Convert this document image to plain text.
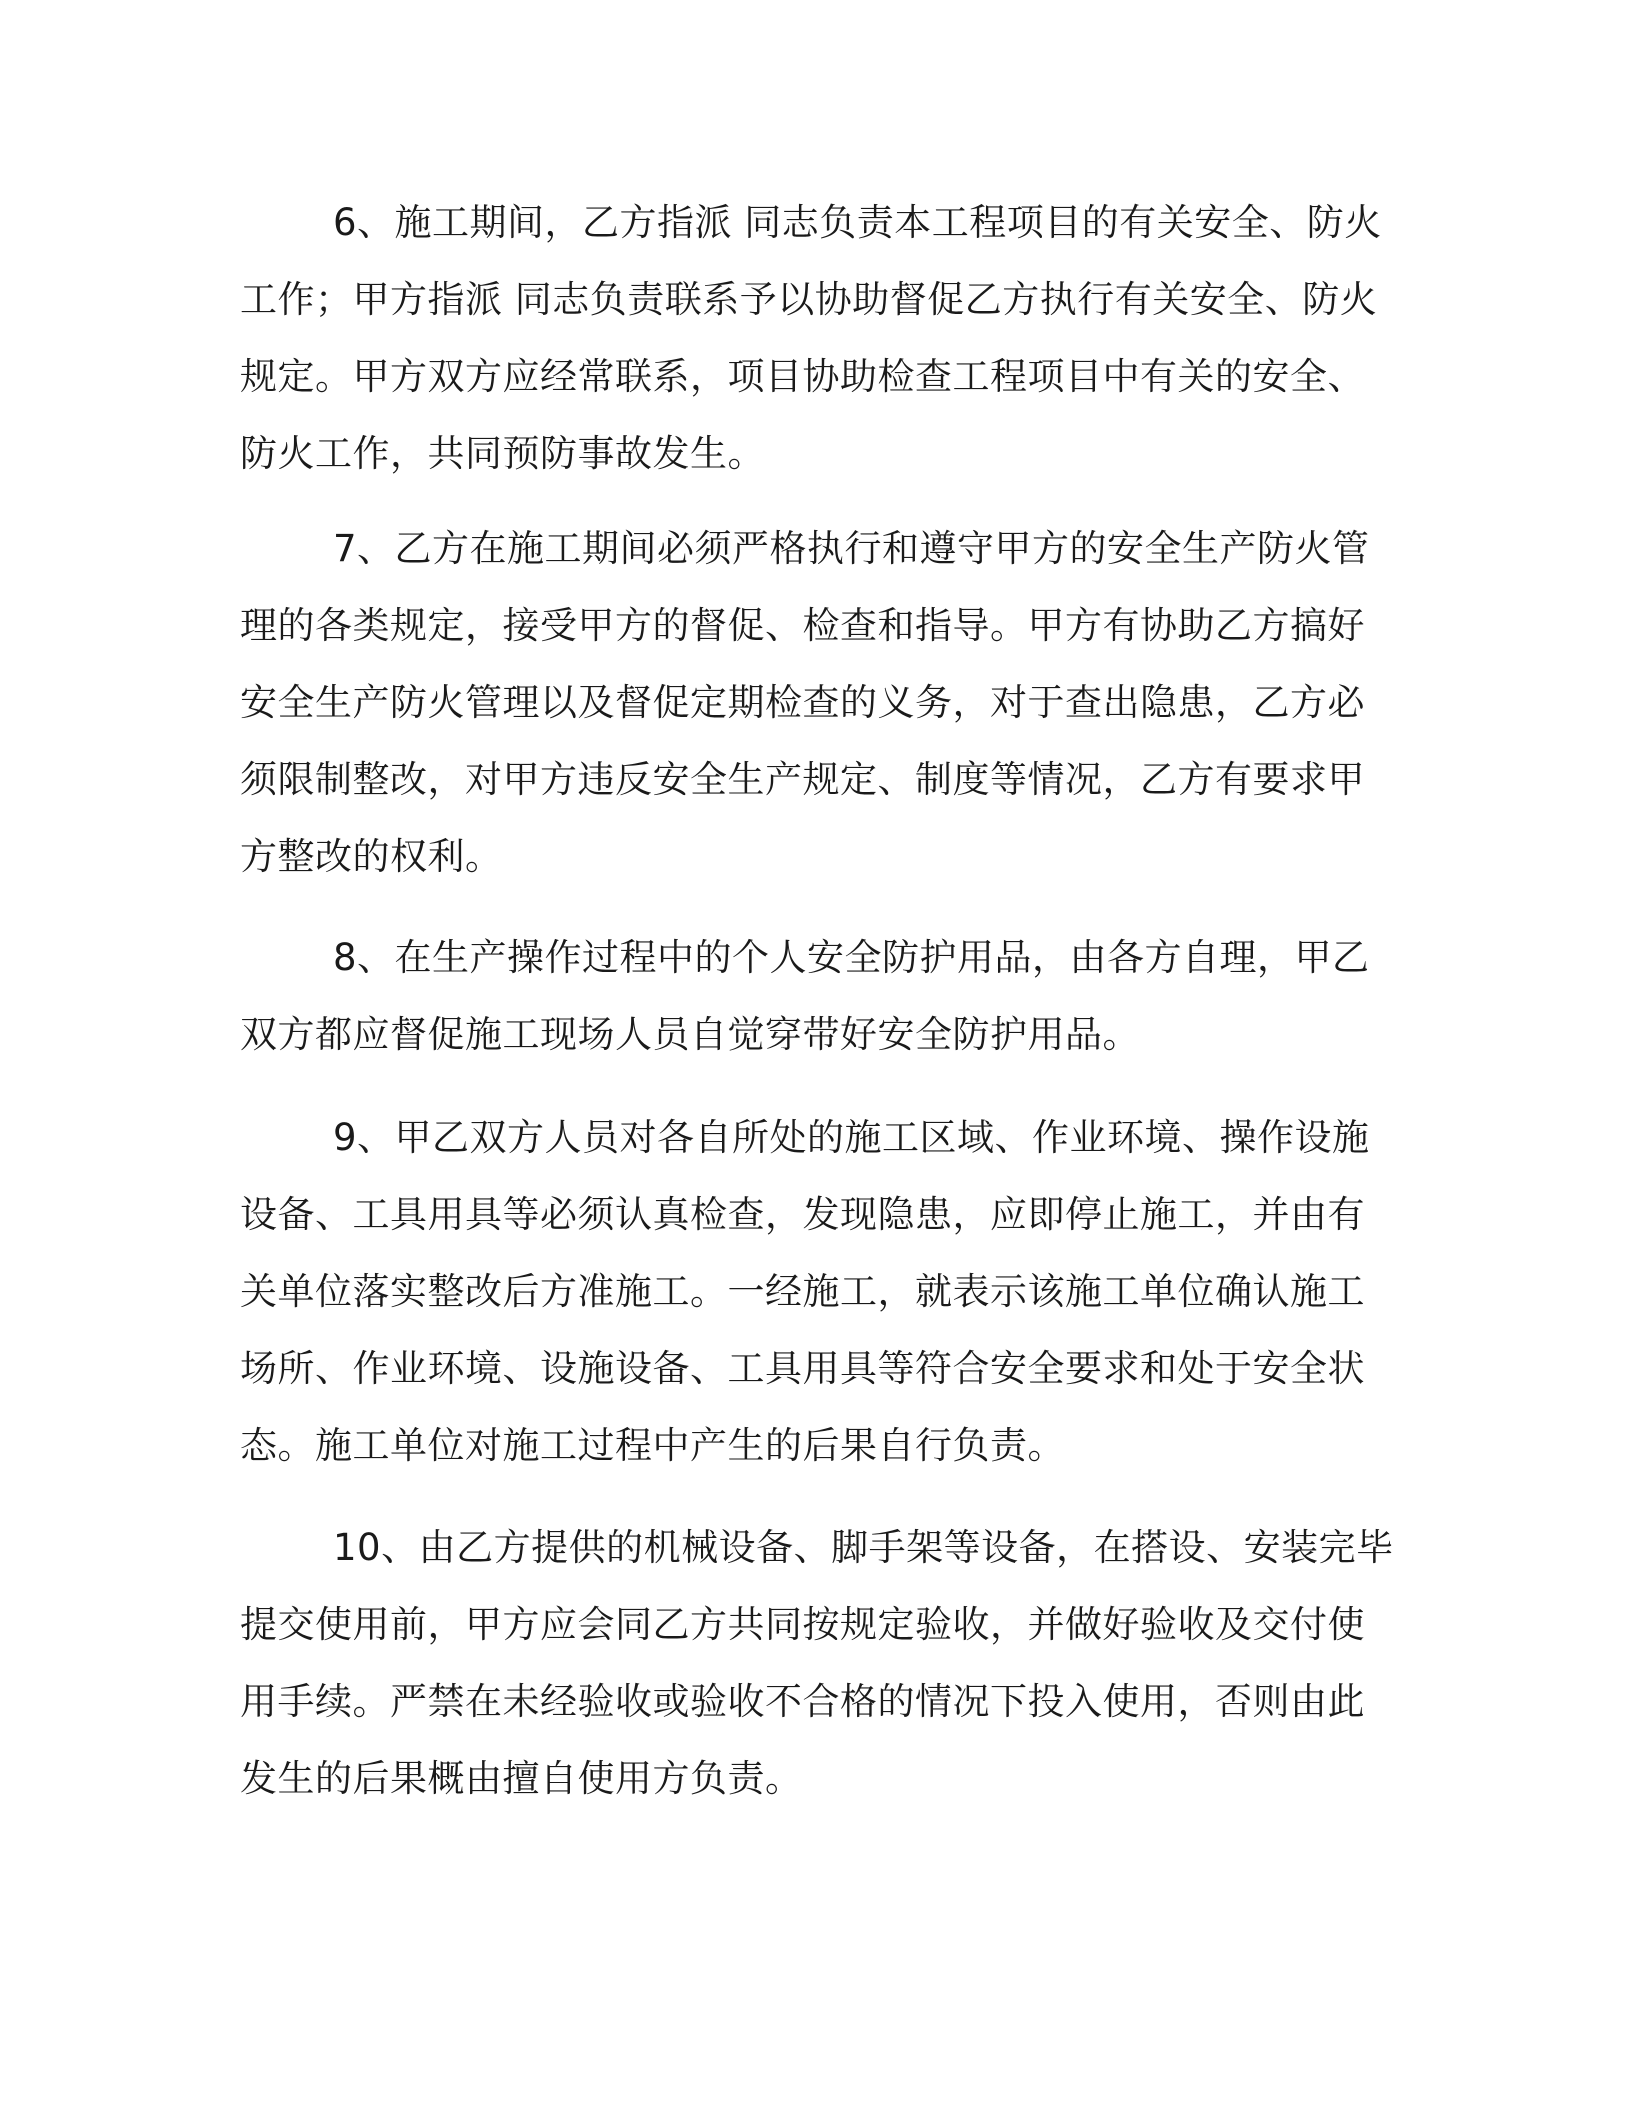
6、施工期间，乙方指派 同志负责本工程项目的有关安全、防火
工作；甲方指派 同志负责联系予以协助督促乙方执行有关安全、防火
规定。甲方双方应经常联系，项目协助检查工程项目中有关的安全、
防火工作，共同预防事故发生。
7、乙方在施工期间必须严格执行和遵守甲方的安全生产防火管
理的各类规定，接受甲方的督促、检查和指导。甲方有协助乙方搞好
安全生产防火管理以及督促定期检查的义务，对于查出隐患，乙方必
须限制整改，对甲方违反安全生产规定、制度等情况，乙方有要求甲
方整改的权利。
8、在生产操作过程中的个人安全防护用品，由各方自理，甲乙
双方都应督促施工现场人员自觉穿带好安全防护用品。
9、甲乙双方人员对各自所处的施工区域、作业环境、操作设施
设备、工具用具等必须认真检查，发现隐患，应即停止施工，并由有
关单位落实整改后方准施工。一经施工，就表示该施工单位确认施工
场所、作业环境、设施设备、工具用具等符合安全要求和处于安全状
态。施工单位对施工过程中产生的后果自行负责。
10、由乙方提供的机械设备、脚手架等设备，在搭设、安装完毕
提交使用前，甲方应会同乙方共同按规定验收，并做好验收及交付使
用手续。严禁在未经验收或验收不合格的情况下投入使用，否则由此
发生的后果概由擅自使用方负责。
